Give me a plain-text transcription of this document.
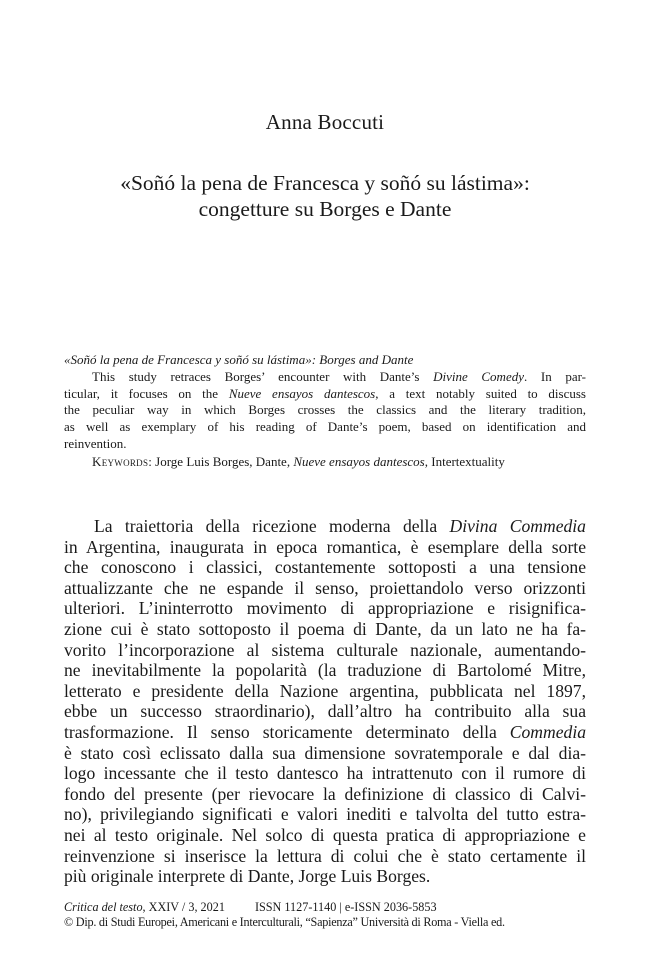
Anna Boccuti
«Soñó la pena de Francesca y soñó su lástima»:
congetture su Borges e Dante
«Soñó la pena de Francesca y soñó su lástima»: Borges and Dante
This study retraces Borges’ encounter with Dante’s Divine Comedy. In par-
ticular, it focuses on the Nueve ensayos dantescos, a text notably suited to discuss
the peculiar way in which Borges crosses the classics and the literary tradition,
as well as exemplary of his reading of Dante’s poem, based on identification and
reinvention.
Keywords: Jorge Luis Borges, Dante, Nueve ensayos dantescos, Intertextuality
La traiettoria della ricezione moderna della Divina Commedia
in Argentina, inaugurata in epoca romantica, è esemplare della sorte
che conoscono i classici, costantemente sottoposti a una tensione
attualizzante che ne espande il senso, proiettandolo verso orizzonti
ulteriori. L’ininterrotto movimento di appropriazione e risignifica-
zione cui è stato sottoposto il poema di Dante, da un lato ne ha fa-
vorito l’incorporazione al sistema culturale nazionale, aumentando-
ne inevitabilmente la popolarità (la traduzione di Bartolomé Mitre,
letterato e presidente della Nazione argentina, pubblicata nel 1897,
ebbe un successo straordinario), dall’altro ha contribuito alla sua
trasformazione. Il senso storicamente determinato della Commedia
è stato così eclissato dalla sua dimensione sovratemporale e dal dia-
logo incessante che il testo dantesco ha intrattenuto con il rumore di
fondo del presente (per rievocare la definizione di classico di Calvi-
no), privilegiando significati e valori inediti e talvolta del tutto estra-
nei al testo originale. Nel solco di questa pratica di appropriazione e
reinvenzione si inserisce la lettura di colui che è stato certamente il
più originale interprete di Dante, Jorge Luis Borges.
Critica del testo, XXIV / 3, 2021 ISSN 1127-1140 | e-ISSN 2036-5853
© Dip. di Studi Europei, Americani e Interculturali, “Sapienza” Università di Roma - Viella ed.
